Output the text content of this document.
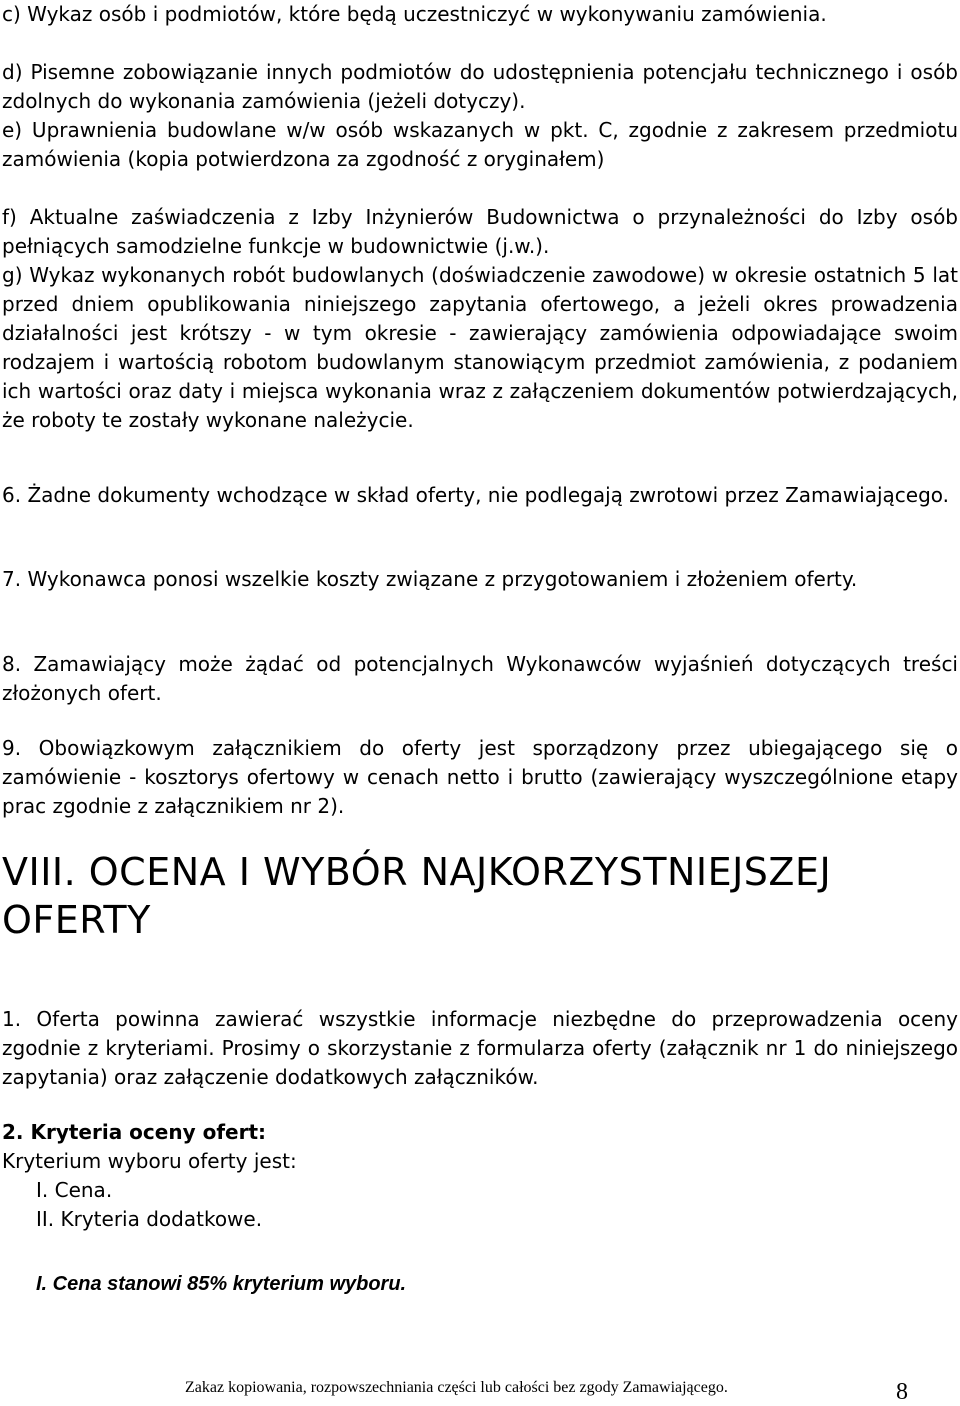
c) Wykaz osób i podmiotów, które będą uczestniczyć w wykonywaniu zamówienia.

d) Pisemne zobowiązanie innych podmiotów do udostępnienia potencjału technicznego i osób zdolnych do wykonania zamówienia (jeżeli dotyczy).

e) Uprawnienia budowlane w/w osób wskazanych w pkt. C, zgodnie z zakresem przedmiotu zamówienia (kopia potwierdzona za zgodność z oryginałem)

f) Aktualne zaświadczenia z Izby Inżynierów Budownictwa o przynależności do Izby osób pełniących samodzielne funkcje w budownictwie (j.w.).

g) Wykaz wykonanych robót budowlanych (doświadczenie zawodowe) w okresie ostatnich 5 lat przed dniem opublikowania niniejszego zapytania ofertowego, a jeżeli okres prowadzenia działalności jest krótszy - w tym okresie - zawierający zamówienia odpowiadające swoim rodzajem i wartością robotom budowlanym stanowiącym przedmiot zamówienia, z podaniem ich wartości oraz daty i miejsca wykonania wraz z załączeniem dokumentów potwierdzających, że roboty te zostały wykonane należycie.

6. Żadne dokumenty wchodzące w skład oferty, nie podlegają zwrotowi przez Zamawiającego.

7. Wykonawca ponosi wszelkie koszty związane z przygotowaniem i złożeniem oferty.

8. Zamawiający może żądać od potencjalnych Wykonawców wyjaśnień dotyczących treści złożonych ofert.

9. Obowiązkowym załącznikiem do oferty jest sporządzony przez ubiegającego się o zamówienie - kosztorys ofertowy w cenach netto i brutto (zawierający wyszczególnione etapy prac zgodnie z załącznikiem nr 2).

VIII. OCENA I WYBÓR NAJKORZYSTNIEJSZEJ OFERTY

1. Oferta powinna zawierać wszystkie informacje niezbędne do przeprowadzenia oceny zgodnie z kryteriami. Prosimy o skorzystanie z formularza oferty (załącznik nr 1 do niniejszego zapytania) oraz załączenie dodatkowych załączników.

2. Kryteria oceny ofert:

Kryterium wyboru oferty jest:

I. Cena.

II. Kryteria dodatkowe.

I. Cena stanowi 85% kryterium wyboru.

Zakaz kopiowania, rozpowszechniania części lub całości bez zgody Zamawiającego.	8
